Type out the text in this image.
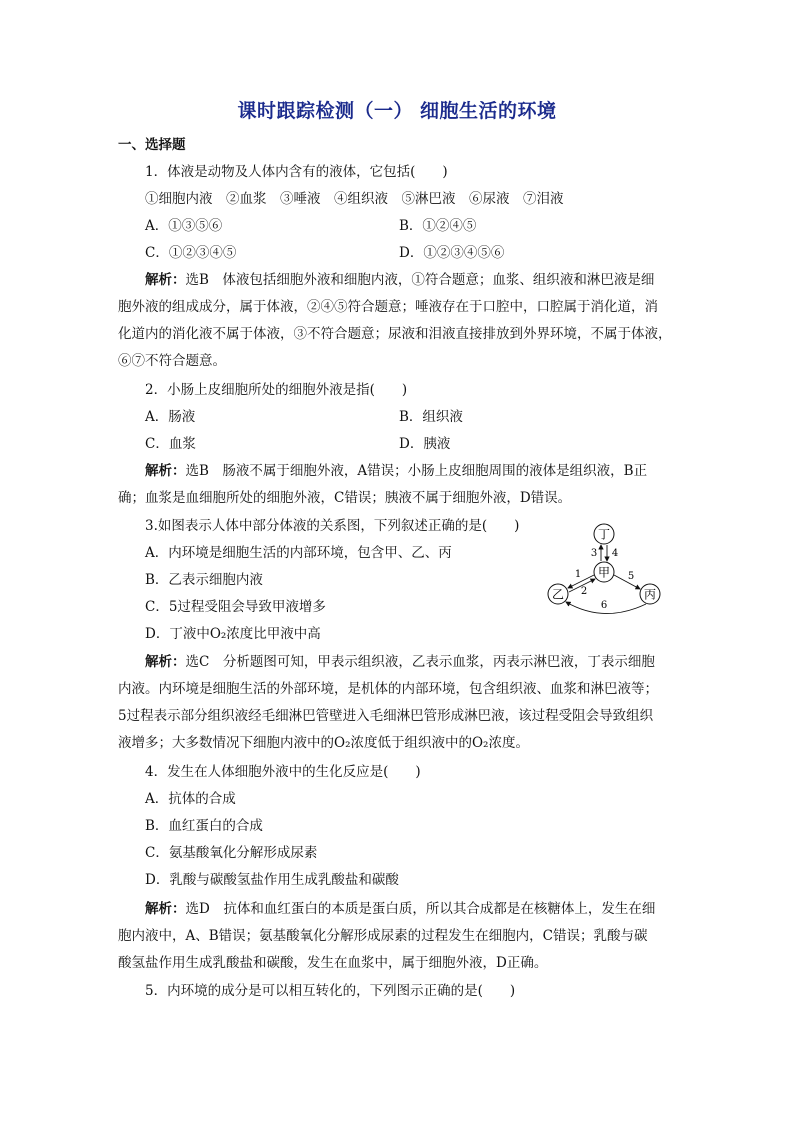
课时跟踪检测（一） 细胞生活的环境
一、选择题
1．体液是动物及人体内含有的液体，它包括(　　)
①细胞内液　②血浆　③唾液　④组织液　⑤淋巴液　⑥尿液　⑦泪液
A．①③⑤⑥	B．①②④⑤
C．①②③④⑤	D．①②③④⑤⑥
解析：选B　体液包括细胞外液和细胞内液，①符合题意；血浆、组织液和淋巴液是细
胞外液的组成成分，属于体液，②④⑤符合题意；唾液存在于口腔中，口腔属于消化道，消
化道内的消化液不属于体液，③不符合题意；尿液和泪液直接排放到外界环境，不属于体液，
⑥⑦不符合题意。
2．小肠上皮细胞所处的细胞外液是指(　　)
A．肠液	B．组织液
C．血浆	D．胰液
解析：选B　肠液不属于细胞外液，A错误；小肠上皮细胞周围的液体是组织液，B正
确；血浆是血细胞所处的细胞外液，C错误；胰液不属于细胞外液，D错误。
3.如图表示人体中部分体液的关系图，下列叙述正确的是(　　)
A．内环境是细胞生活的内部环境，包含甲、乙、丙
B．乙表示细胞内液
C．5过程受阻会导致甲液增多
D．丁液中O₂浓度比甲液中高
丁
甲
乙	丙
3 4
1
2
5
6
解析：选C　分析题图可知，甲表示组织液，乙表示血浆，丙表示淋巴液，丁表示细胞
内液。内环境是细胞生活的外部环境，是机体的内部环境，包含组织液、血浆和淋巴液等；
5过程表示部分组织液经毛细淋巴管壁进入毛细淋巴管形成淋巴液，该过程受阻会导致组织
液增多；大多数情况下细胞内液中的O₂浓度低于组织液中的O₂浓度。
4．发生在人体细胞外液中的生化反应是(　　)
A．抗体的合成
B．血红蛋白的合成
C．氨基酸氧化分解形成尿素
D．乳酸与碳酸氢盐作用生成乳酸盐和碳酸
解析：选D　抗体和血红蛋白的本质是蛋白质，所以其合成都是在核糖体上，发生在细
胞内液中，A、B错误；氨基酸氧化分解形成尿素的过程发生在细胞内，C错误；乳酸与碳
酸氢盐作用生成乳酸盐和碳酸，发生在血浆中，属于细胞外液，D正确。
5．内环境的成分是可以相互转化的，下列图示正确的是(　　)
